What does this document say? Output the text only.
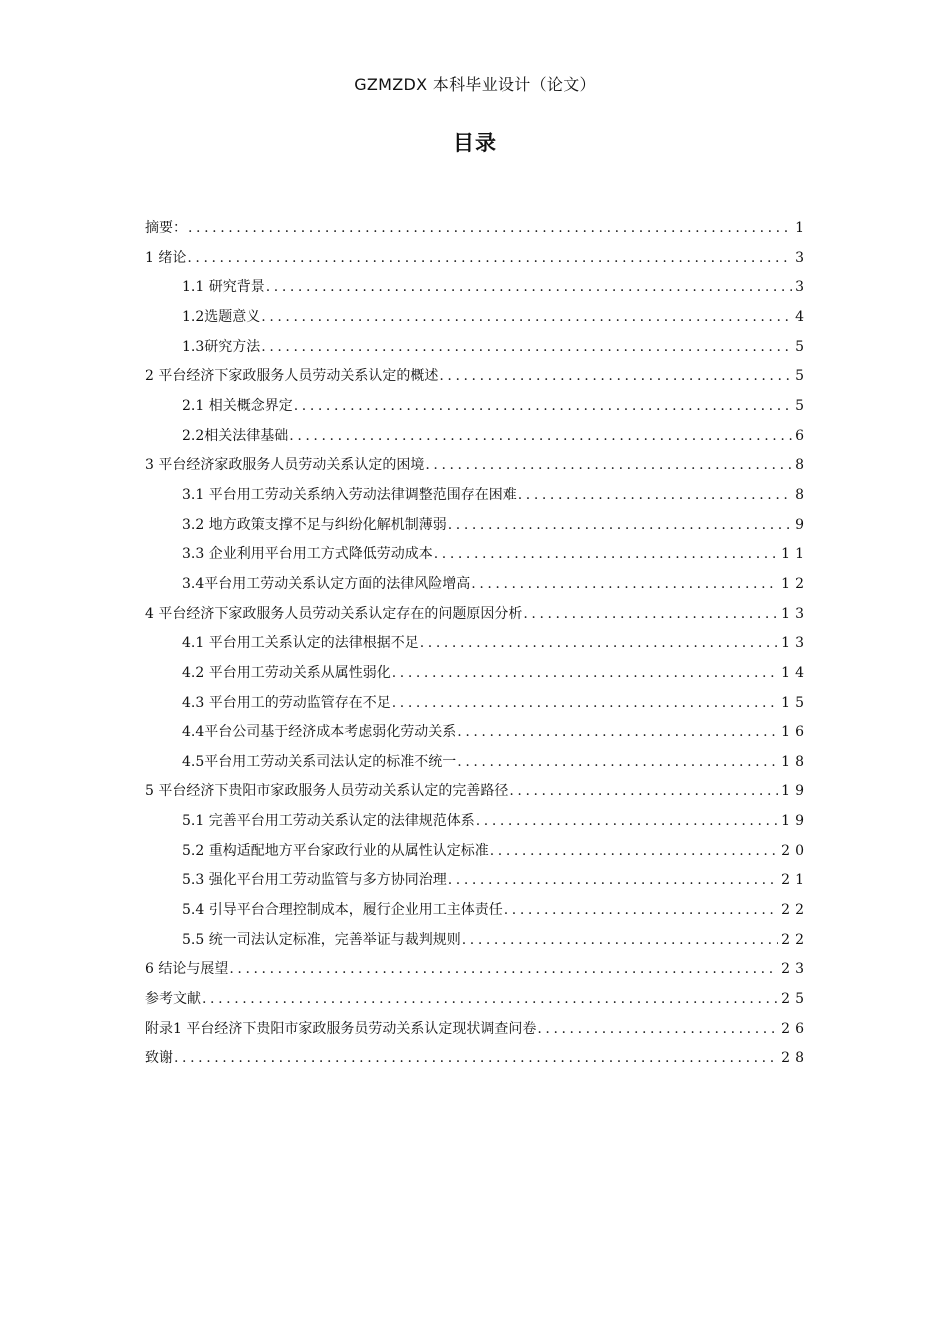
GZMZDX 本科毕业设计（论文）
目录
摘要： .....	1
1 绪论 .....	3
1.1 研究背景 .....	3
1.2选题意义 .....	4
1.3研究方法 .....	5
2 平台经济下家政服务人员劳动关系认定的概述 .....	5
2.1 相关概念界定 .....	5
2.2相关法律基础 .....	6
3 平台经济家政服务人员劳动关系认定的困境 .....	8
3.1 平台用工劳动关系纳入劳动法律调整范围存在困难 .....	8
3.2 地方政策支撑不足与纠纷化解机制薄弱 .....	9
3.3 企业利用平台用工方式降低劳动成本 .....	11
3.4平台用工劳动关系认定方面的法律风险增高 .....	12
4 平台经济下家政服务人员劳动关系认定存在的问题原因分析 .....	13
4.1 平台用工关系认定的法律根据不足 .....	13
4.2 平台用工劳动关系从属性弱化 .....	14
4.3 平台用工的劳动监管存在不足 .....	15
4.4平台公司基于经济成本考虑弱化劳动关系 .....	16
4.5平台用工劳动关系司法认定的标准不统一 .....	18
5 平台经济下贵阳市家政服务人员劳动关系认定的完善路径 .....	19
5.1 完善平台用工劳动关系认定的法律规范体系 .....	19
5.2 重构适配地方平台家政行业的从属性认定标准 .....	20
5.3 强化平台用工劳动监管与多方协同治理 .....	21
5.4 引导平台合理控制成本，履行企业用工主体责任 .....	22
5.5 统一司法认定标准，完善举证与裁判规则 .....	22
6 结论与展望 .....	23
参考文献 .....	25
附录1 平台经济下贵阳市家政服务员劳动关系认定现状调查问卷 .....	26
致谢 .....	28
